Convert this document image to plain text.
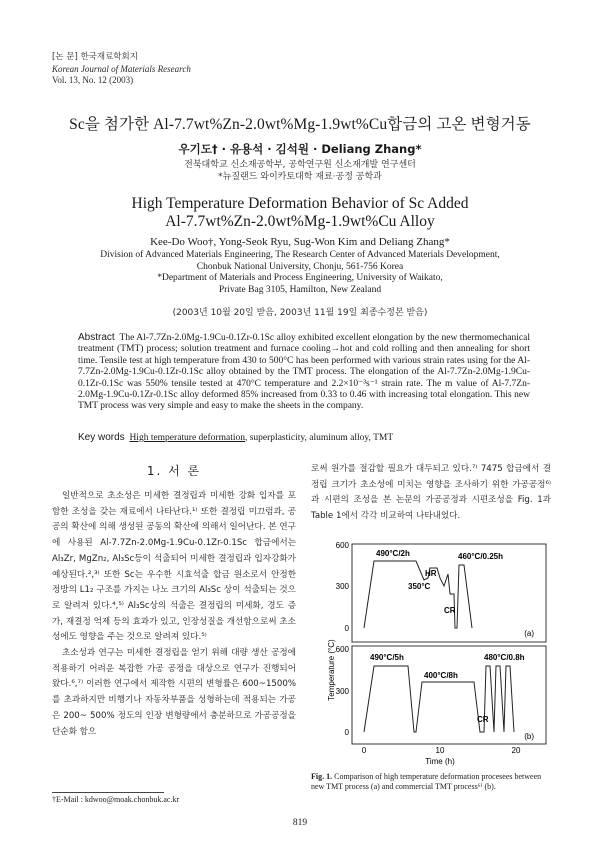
[논 문] 한국재료학회지
Korean Journal of Materials Research
Vol. 13, No. 12 (2003)
Sc을 첨가한 Al-7.7wt%Zn-2.0wt%Mg-1.9wt%Cu합금의 고온 변형거동
우기도† · 유용석 · 김석원 · Deliang Zhang*
전북대학교 신소재공학부, 공학연구원 신소재개발 연구센터
*뉴질랜드 와이카토대학 재료·공정 공학과
High Temperature Deformation Behavior of Sc Added
Al-7.7wt%Zn-2.0wt%Mg-1.9wt%Cu Alloy
Kee-Do Woo†, Yong-Seok Ryu, Sug-Won Kim and Deliang Zhang*
Division of Advanced Materials Engineering, The Research Center of Advanced Materials Development,
Chonbuk National University, Chonju, 561-756 Korea
*Department of Materials and Process Engineering, University of Waikato,
Private Bag 3105, Hamilton, New Zealand
(2003년 10월 20일 받음, 2003년 11월 19일 최종수정본 받음)
Abstract The Al-7.7Zn-2.0Mg-1.9Cu-0.1Zr-0.1Sc alloy exhibited excellent elongation by the new thermomechanical treatment (TMT) process; solution treatment and furnace cooling→hot and cold rolling and then annealing for short time. Tensile test at high temperature from 430 to 500°C has been performed with various strain rates using for the Al-7.7Zn-2.0Mg-1.9Cu-0.1Zr-0.1Sc alloy obtained by the TMT process. The elongation of the Al-7.7Zn-2.0Mg-1.9Cu-0.1Zr-0.1Sc was 550% tensile tested at 470°C temperature and 2.2×10⁻³s⁻¹ strain rate. The m value of Al-7.7Zn-2.0Mg-1.9Cu-0.1Zr-0.1Sc alloy deformed 85% increased from 0.33 to 0.46 with increasing total elongation. This new TMT process was very simple and easy to make the sheets in the company.
Key words High temperature deformation, superplasticity, aluminum alloy, TMT
1. 서 론

일반적으로 초소성은 미세한 결정립과 미세한 강화 입자를 포함한 조성을 갖는 재료에서 나타난다.¹⁾ 또한 결정립 미끄럼과, 공공의 확산에 의해 생성된 공동의 확산에 의해서 일어난다. 본 연구에 사용된 Al-7.7Zn-2.0Mg-1.9Cu-0.1Zr-0.1Sc 합금에서는 Al₃Zr, MgZn₂, Al₃Sc등이 석출되어 미세한 결정립과 입자강화가 예상된다.²,³⁾ 또한 Sc는 우수한 시효석출 합금 원소로서 안정한 정방의 L1₂ 구조를 가지는 나노 크기의 Al₃Sc 상이 석출되는 것으로 알려져 있다.⁴,⁵⁾ Al₃Sc상의 석출은 결정립의 미세화, 경도 증가, 재결정 억제 등의 효과가 있고, 인장성질을 개선함으로써 초소성에도 영향을 주는 것으로 알려져 있다.⁵⁾

초소성과 연구는 미세한 결정립을 얻기 위해 대량 생산 공정에 적용하기 어려운 복잡한 가공 공정을 대상으로 연구가 진행되어 왔다.⁶,⁷⁾ 이러한 연구에서 제작한 시편의 변형률은 600~1500%를 초과하지만 비행기나 자동차부품을 성형하는데 적용되는 가공은 200~ 500% 정도의 인장 변형량에서 충분하므로 가공공정을 단순화 함으

로써 원가를 절감할 필요가 대두되고 있다.⁷⁾ 7475 합금에서 결정립 크기가 초소성에 미치는 영향을 조사하기 위한 가공공정⁶⁾과 시편의 조성을 본 논문의 가공공정과 시편조성을 Fig. 1과 Table 1에서 각각 비교하여 나타내었다.

Temperature (°C)
600
300
0
(a)
490°C/2h	460°C/0.25h
HR
350°C
CR
600
300
0	(b)
490°C/5h
400°C/8h
480°C/0.8h
CR
0	10	20
Time (h)
Fig. 1. Comparison of high temperature deformation procesees between new TMT process (a) and commercial TMT process⁶⁾ (b).
†E-Mail : kdwoo@moak.chonbuk.ac.kr
819
